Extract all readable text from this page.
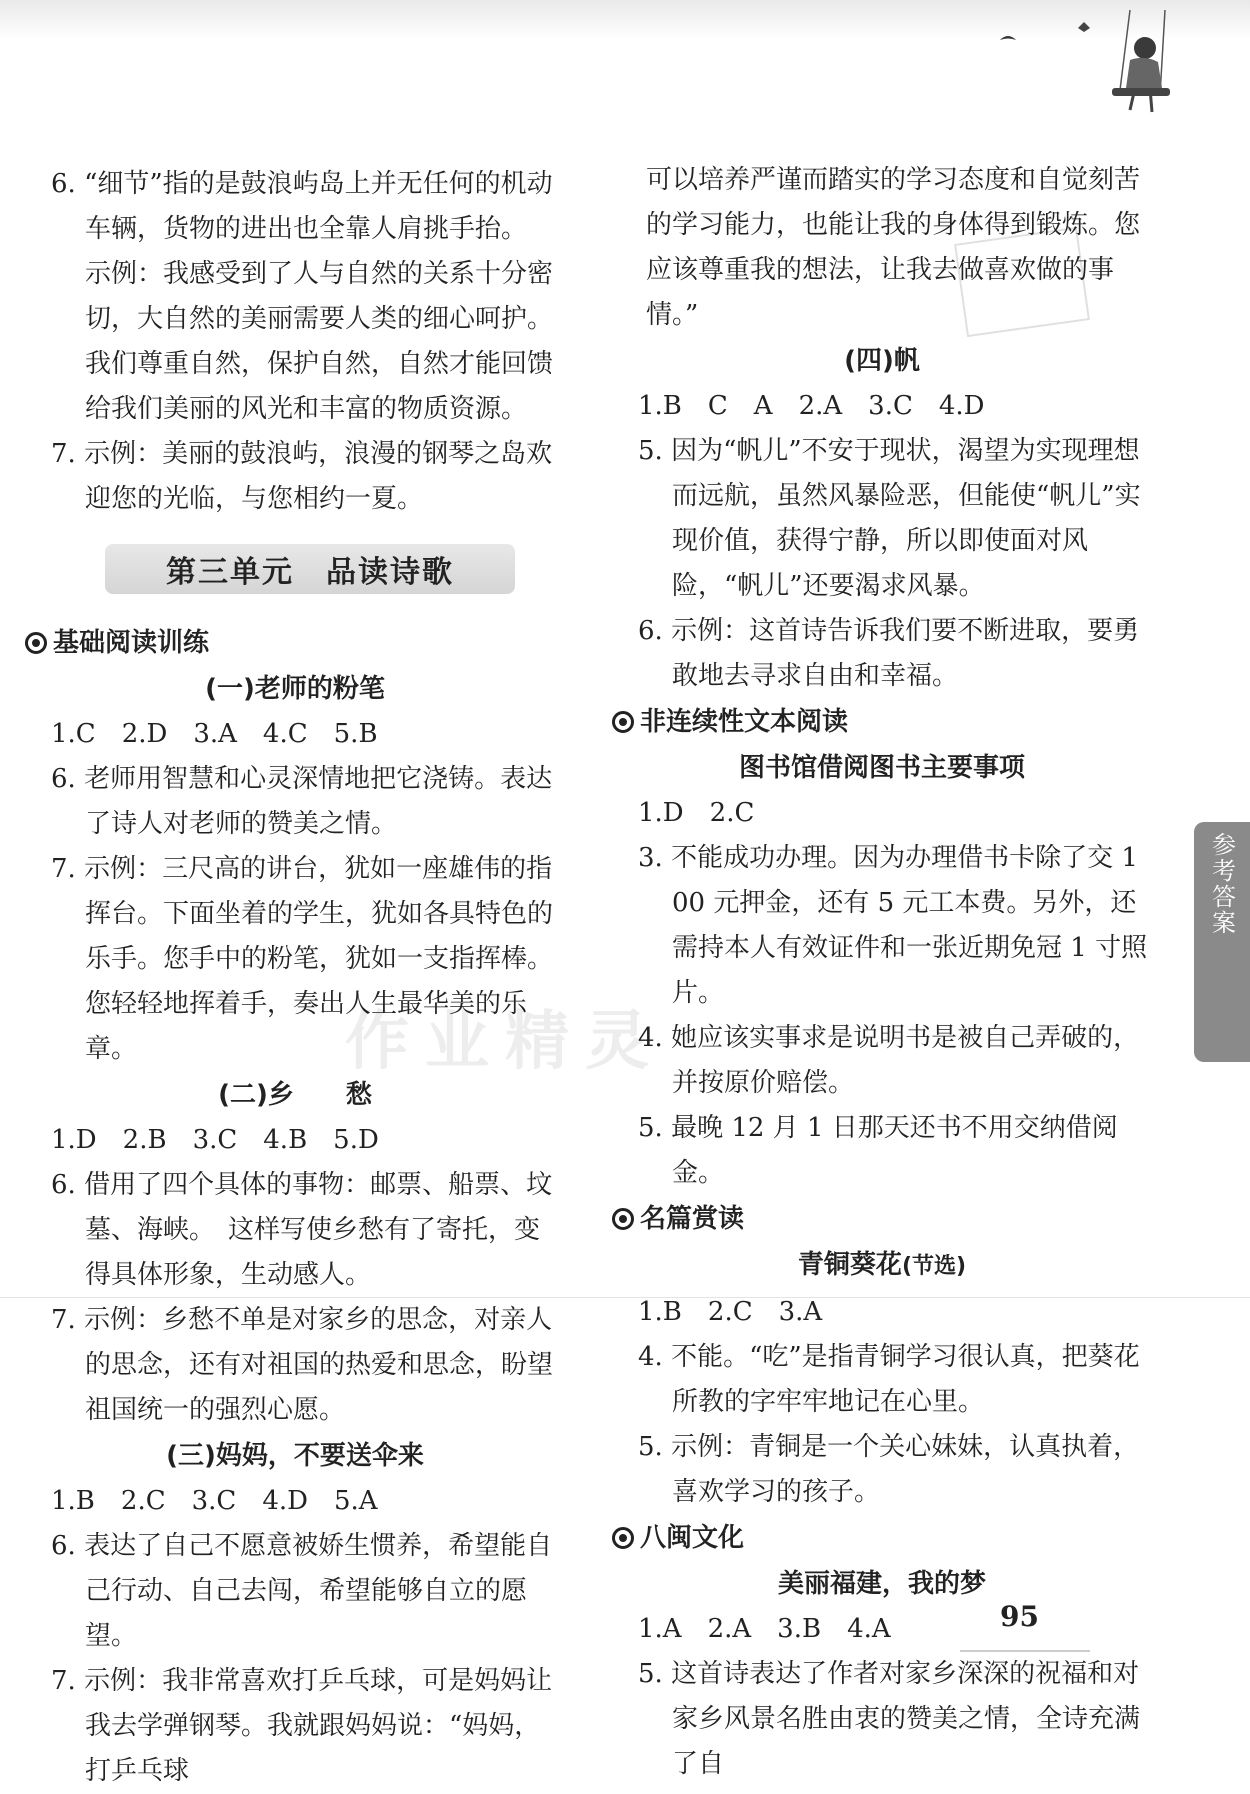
6. “细节”指的是鼓浪屿岛上并无任何的机动车辆，货物的进出也全靠人肩挑手抬。　示例：我感受到了人与自然的关系十分密切，大自然的美丽需要人类的细心呵护。我们尊重自然，保护自然，自然才能回馈给我们美丽的风光和丰富的物质资源。

7. 示例：美丽的鼓浪屿，浪漫的钢琴之岛欢迎您的光临，与您相约一夏。

第三单元　品读诗歌

基础阅读训练

(一)老师的粉笔

1.C　2.D　3.A　4.C　5.B

6. 老师用智慧和心灵深情地把它浇铸。表达了诗人对老师的赞美之情。

7. 示例：三尺高的讲台，犹如一座雄伟的指挥台。下面坐着的学生，犹如各具特色的乐手。您手中的粉笔，犹如一支指挥棒。您轻轻地挥着手，奏出人生最华美的乐章。

(二)乡　　愁

1.D　2.B　3.C　4.B　5.D

6. 借用了四个具体的事物：邮票、船票、坟墓、海峡。　这样写使乡愁有了寄托，变得具体形象，生动感人。

7. 示例：乡愁不单是对家乡的思念，对亲人的思念，还有对祖国的热爱和思念，盼望祖国统一的强烈心愿。

(三)妈妈，不要送伞来

1.B　2.C　3.C　4.D　5.A

6. 表达了自己不愿意被娇生惯养，希望能自己行动、自己去闯，希望能够自立的愿望。

7. 示例：我非常喜欢打乒乓球，可是妈妈让我去学弹钢琴。我就跟妈妈说：“妈妈，打乒乓球

可以培养严谨而踏实的学习态度和自觉刻苦的学习能力，也能让我的身体得到锻炼。您应该尊重我的想法，让我去做喜欢做的事情。”

(四)帆

1.B　C　A　2.A　3.C　4.D

5. 因为“帆儿”不安于现状，渴望为实现理想而远航，虽然风暴险恶，但能使“帆儿”实现价值，获得宁静，所以即使面对风险，“帆儿”还要渴求风暴。

6. 示例：这首诗告诉我们要不断进取，要勇敢地去寻求自由和幸福。

非连续性文本阅读

图书馆借阅图书主要事项

1.D　2.C

3. 不能成功办理。因为办理借书卡除了交 100 元押金，还有 5 元工本费。另外，还需持本人有效证件和一张近期免冠 1 寸照片。

4. 她应该实事求是说明书是被自己弄破的，并按原价赔偿。

5. 最晚 12 月 1 日那天还书不用交纳借阅金。

名篇赏读

青铜葵花(节选)

1.B　2.C　3.A

4. 不能。“吃”是指青铜学习很认真，把葵花所教的字牢牢地记在心里。

5. 示例：青铜是一个关心妹妹，认真执着，喜欢学习的孩子。

八闽文化

美丽福建，我的梦

1.A　2.A　3.B　4.A

5. 这首诗表达了作者对家乡深深的祝福和对家乡风景名胜由衷的赞美之情，全诗充满了自

参考答案
作业精灵
95
